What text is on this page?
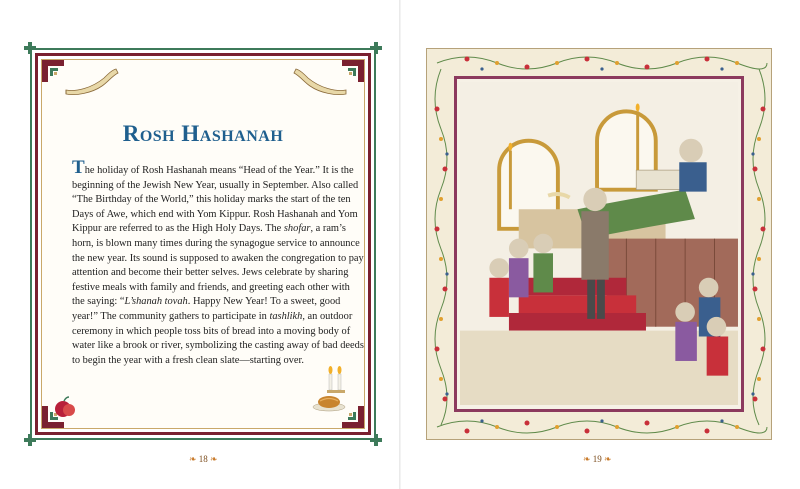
Rosh Hashanah

The holiday of Rosh Hashanah means “Head of the Year.” It is the beginning of the Jewish New Year, usually in September. Also called “The Birthday of the World,” this holiday marks the start of the ten Days of Awe, which end with Yom Kippur. Rosh Hashanah and Yom Kippur are referred to as the High Holy Days. The shofar, a ram’s horn, is blown many times during the synagogue service to announce the new year. Its sound is supposed to awaken the congregation to pay attention and become their better selves. Jews celebrate by sharing festive meals with family and friends, and greeting each other with the saying: “L’shanah tovah. Happy New Year! To a sweet, good year!” The community gathers to participate in tashlikh, an outdoor ceremony in which people toss bits of bread into a moving body of water like a brook or river, symbolizing the casting away of bad deeds to begin the year with a fresh clean slate—starting over.

❧ 18 ❧	❧ 19 ❧
